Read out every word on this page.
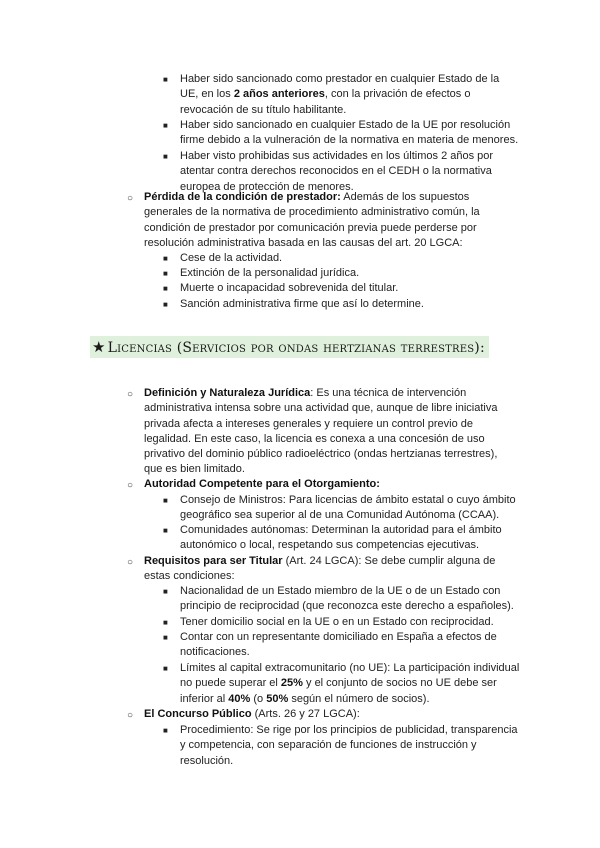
■ Haber sido sancionado como prestador en cualquier Estado de la UE, en los 2 años anteriores, con la privación de efectos o revocación de su título habilitante.
■ Haber sido sancionado en cualquier Estado de la UE por resolución firme debido a la vulneración de la normativa en materia de menores.
■ Haber visto prohibidas sus actividades en los últimos 2 años por atentar contra derechos reconocidos en el CEDH o la normativa europea de protección de menores.
○ Pérdida de la condición de prestador: Además de los supuestos generales de la normativa de procedimiento administrativo común, la condición de prestador por comunicación previa puede perderse por resolución administrativa basada en las causas del art. 20 LGCA:
■ Cese de la actividad.
■ Extinción de la personalidad jurídica.
■ Muerte o incapacidad sobrevenida del titular.
■ Sanción administrativa firme que así lo determine.
★ Licencias (Servicios por ondas hertzianas terrestres):
○ Definición y Naturaleza Jurídica: Es una técnica de intervención administrativa intensa sobre una actividad que, aunque de libre iniciativa privada afecta a intereses generales y requiere un control previo de legalidad. En este caso, la licencia es conexa a una concesión de uso privativo del dominio público radioeléctrico (ondas hertzianas terrestres), que es bien limitado.
○ Autoridad Competente para el Otorgamiento:
■ Consejo de Ministros: Para licencias de ámbito estatal o cuyo ámbito geográfico sea superior al de una Comunidad Autónoma (CCAA).
■ Comunidades autónomas: Determinan la autoridad para el ámbito autonómico o local, respetando sus competencias ejecutivas.
○ Requisitos para ser Titular (Art. 24 LGCA): Se debe cumplir alguna de estas condiciones:
■ Nacionalidad de un Estado miembro de la UE o de un Estado con principio de reciprocidad (que reconozca este derecho a españoles).
■ Tener domicilio social en la UE o en un Estado con reciprocidad.
■ Contar con un representante domiciliado en España a efectos de notificaciones.
■ Límites al capital extracomunitario (no UE): La participación individual no puede superar el 25% y el conjunto de socios no UE debe ser inferior al 40% (o 50% según el número de socios).
○ El Concurso Público (Arts. 26 y 27 LGCA):
■ Procedimiento: Se rige por los principios de publicidad, transparencia y competencia, con separación de funciones de instrucción y resolución.
